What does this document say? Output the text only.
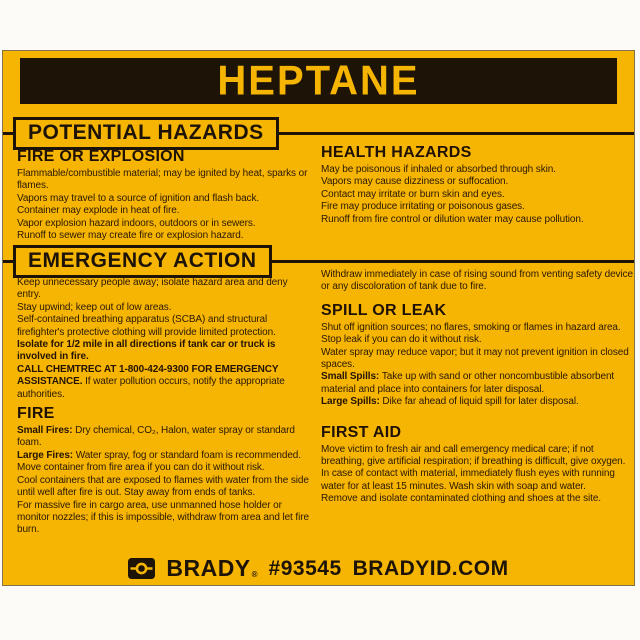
HEPTANE
POTENTIAL HAZARDS
FIRE OR EXPLOSION

Flammable/combustible material; may be ignited by heat, sparks or flames.

Vapors may travel to a source of ignition and flash back.

Container may explode in heat of fire.

Vapor explosion hazard indoors, outdoors or in sewers.

Runoff to sewer may create fire or explosion hazard.

HEALTH HAZARDS

May be poisonous if inhaled or absorbed through skin.

Vapors may cause dizziness or suffocation.

Contact may irritate or burn skin and eyes.

Fire may produce irritating or poisonous gases.

Runoff from fire control or dilution water may cause pollution.

EMERGENCY ACTION

Keep unnecessary people away; isolate hazard area and deny entry.

Stay upwind; keep out of low areas.

Self-contained breathing apparatus (SCBA) and structural firefighter's protective clothing will provide limited protection.

Isolate for 1/2 mile in all directions if tank car or truck is involved in fire.

CALL CHEMTREC AT 1-800-424-9300 FOR EMERGENCY ASSISTANCE. If water pollution occurs, notify the appropriate authorities.

FIRE

Small Fires: Dry chemical, CO₂, Halon, water spray or standard foam.

Large Fires: Water spray, fog or standard foam is recommended.

Move container from fire area if you can do it without risk.

Cool containers that are exposed to flames with water from the side until well after fire is out. Stay away from ends of tanks.

For massive fire in cargo area, use unmanned hose holder or monitor nozzles; if this is impossible, withdraw from area and let fire burn.

Withdraw immediately in case of rising sound from venting safety device or any discoloration of tank due to fire.

SPILL OR LEAK

Shut off ignition sources; no flares, smoking or flames in hazard area.

Stop leak if you can do it without risk.

Water spray may reduce vapor; but it may not prevent ignition in closed spaces.

Small Spills: Take up with sand or other noncombustible absorbent material and place into containers for later disposal.

Large Spills: Dike far ahead of liquid spill for later disposal.

FIRST AID

Move victim to fresh air and call emergency medical care; if not breathing, give artificial respiration; if breathing is difficult, give oxygen.

In case of contact with material, immediately flush eyes with running water for at least 15 minutes. Wash skin with soap and water.

Remove and isolate contaminated clothing and shoes at the site.

BRADY ® #93545 BRADYID.COM
